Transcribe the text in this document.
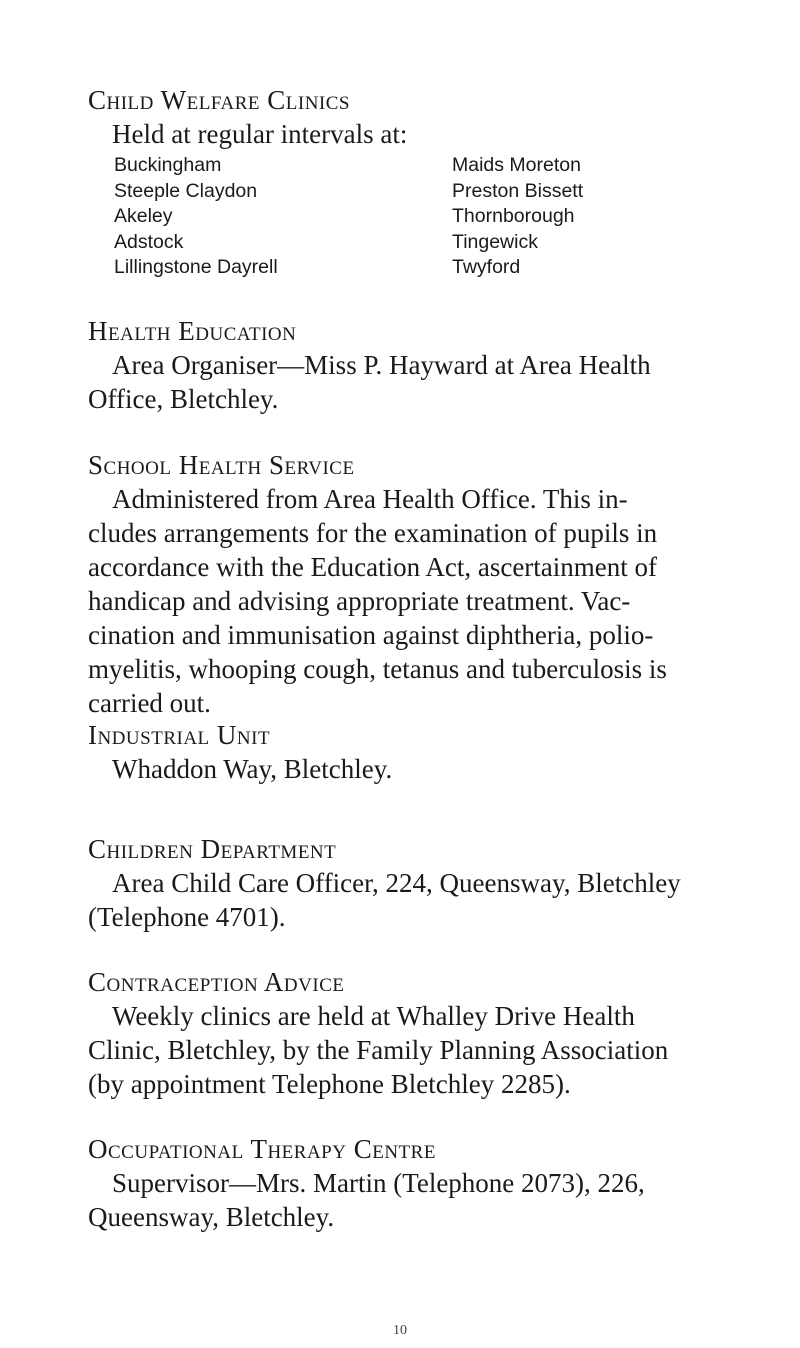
Child Welfare Clinics

Held at regular intervals at:

Buckingham
Steeple Claydon
Akeley
Adstock
Lillingstone Dayrell
Maids Moreton
Preston Bissett
Thornborough
Tingewick
Twyford
Health Education

Area Organiser—Miss P. Hayward at Area Health
Office, Bletchley.

School Health Service

Administered from Area Health Office. This in-
cludes arrangements for the examination of pupils in
accordance with the Education Act, ascertainment of
handicap and advising appropriate treatment. Vac-
cination and immunisation against diphtheria, polio-
myelitis, whooping cough, tetanus and tuberculosis is
carried out.

Industrial Unit

Whaddon Way, Bletchley.

Children Department

Area Child Care Officer, 224, Queensway, Bletchley
(Telephone 4701).

Contraception Advice

Weekly clinics are held at Whalley Drive Health
Clinic, Bletchley, by the Family Planning Association
(by appointment Telephone Bletchley 2285).

Occupational Therapy Centre

Supervisor—Mrs. Martin (Telephone 2073), 226,
Queensway, Bletchley.

10
